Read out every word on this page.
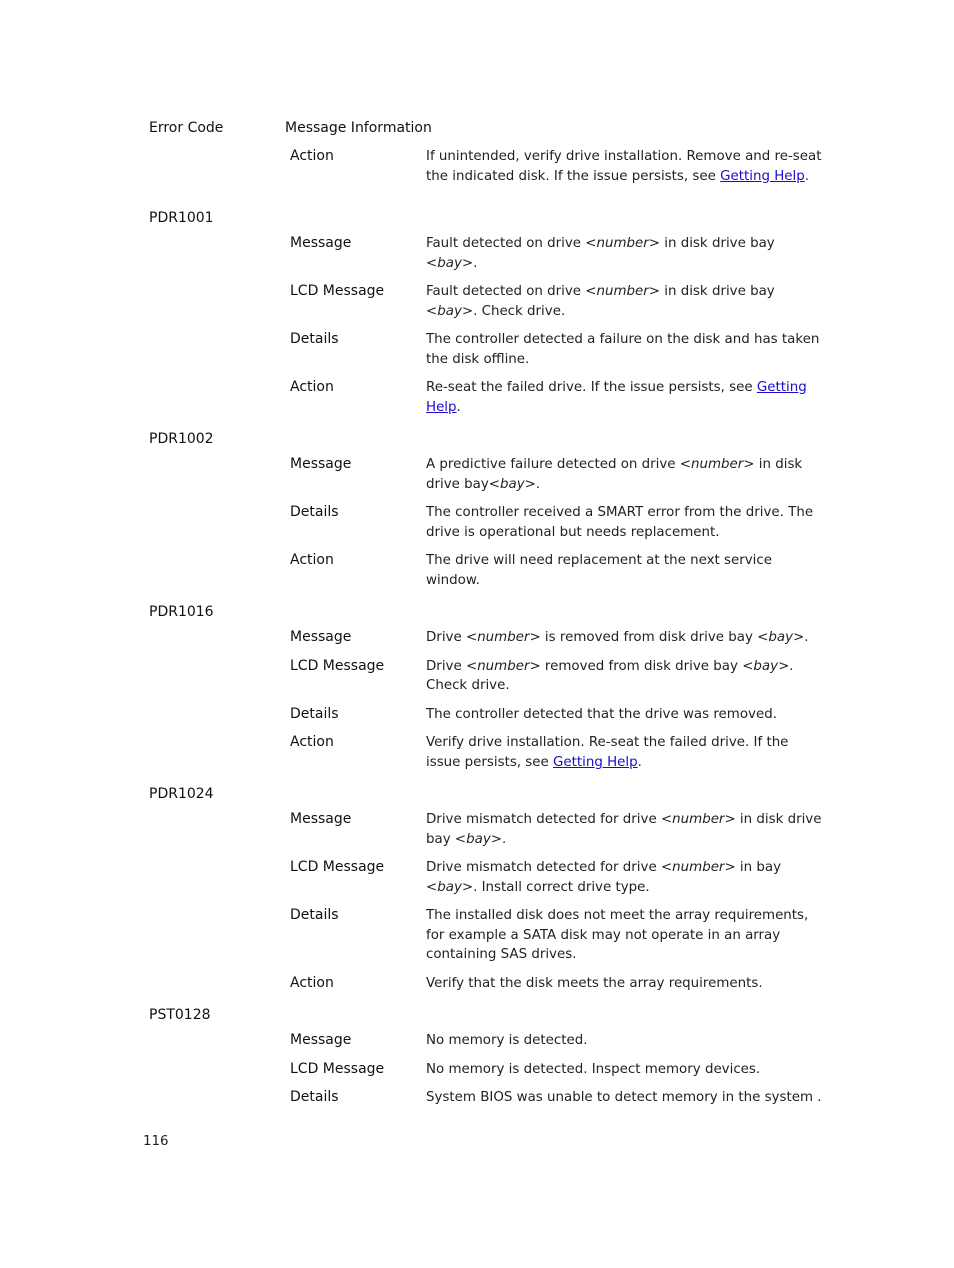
Error Code	Message Information
Action	If unintended, verify drive installation. Remove and re-seat the indicated disk. If the issue persists, see Getting Help.
PDR1001
Message	Fault detected on drive <number> in disk drive bay <bay>.
LCD Message	Fault detected on drive <number> in disk drive bay <bay>. Check drive.
Details	The controller detected a failure on the disk and has taken the disk offline.
Action	Re-seat the failed drive. If the issue persists, see Getting Help.
PDR1002
Message	A predictive failure detected on drive <number> in disk drive bay<bay>.
Details	The controller received a SMART error from the drive. The drive is operational but needs replacement.
Action	The drive will need replacement at the next service window.
PDR1016
Message	Drive <number> is removed from disk drive bay <bay>.
LCD Message	Drive <number> removed from disk drive bay <bay>. Check drive.
Details	The controller detected that the drive was removed.
Action	Verify drive installation. Re-seat the failed drive. If the issue persists, see Getting Help.
PDR1024
Message	Drive mismatch detected for drive <number> in disk drive bay <bay>.
LCD Message	Drive mismatch detected for drive <number> in bay <bay>. Install correct drive type.
Details	The installed disk does not meet the array requirements, for example a SATA disk may not operate in an array containing SAS drives.
Action	Verify that the disk meets the array requirements.
PST0128
Message	No memory is detected.
LCD Message	No memory is detected. Inspect memory devices.
Details	System BIOS was unable to detect memory in the system .
116
